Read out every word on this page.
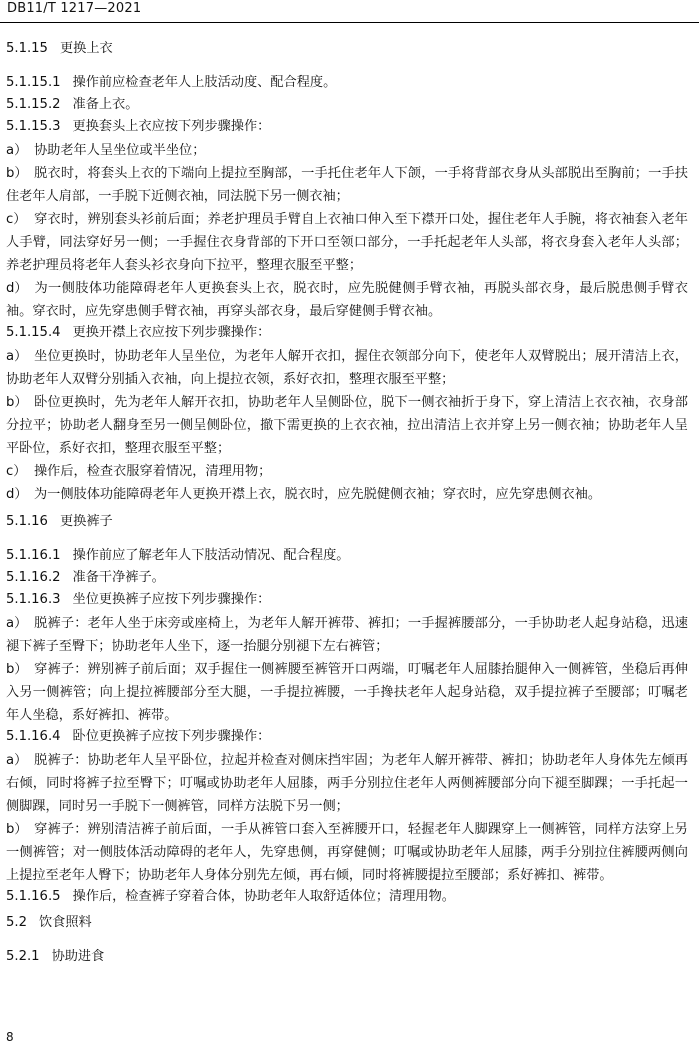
DB11/T 1217—2021

5.1.15 更换上衣

5.1.15.1 操作前应检查老年人上肢活动度、配合程度。

5.1.15.2 准备上衣。

5.1.15.3 更换套头上衣应按下列步骤操作：

a） 协助老年人呈坐位或半坐位；

b） 脱衣时，将套头上衣的下端向上提拉至胸部，一手托住老年人下颌，一手将背部衣身从头部脱出至胸前；一手扶住老年人肩部，一手脱下近侧衣袖，同法脱下另一侧衣袖；

c） 穿衣时，辨别套头衫前后面；养老护理员手臂自上衣袖口伸入至下襟开口处，握住老年人手腕，将衣袖套入老年人手臂，同法穿好另一侧；一手握住衣身背部的下开口至领口部分，一手托起老年人头部，将衣身套入老年人头部；养老护理员将老年人套头衫衣身向下拉平，整理衣服至平整；

d） 为一侧肢体功能障碍老年人更换套头上衣，脱衣时，应先脱健侧手臂衣袖，再脱头部衣身，最后脱患侧手臂衣袖。穿衣时，应先穿患侧手臂衣袖，再穿头部衣身，最后穿健侧手臂衣袖。

5.1.15.4 更换开襟上衣应按下列步骤操作：

a） 坐位更换时，协助老年人呈坐位，为老年人解开衣扣，握住衣领部分向下，使老年人双臂脱出；展开清洁上衣，协助老年人双臂分别插入衣袖，向上提拉衣领，系好衣扣，整理衣服至平整；

b） 卧位更换时，先为老年人解开衣扣，协助老年人呈侧卧位，脱下一侧衣袖折于身下，穿上清洁上衣衣袖，衣身部分拉平；协助老人翻身至另一侧呈侧卧位，撤下需更换的上衣衣袖，拉出清洁上衣并穿上另一侧衣袖；协助老年人呈平卧位，系好衣扣，整理衣服至平整；

c） 操作后，检查衣服穿着情况，清理用物；

d） 为一侧肢体功能障碍老年人更换开襟上衣，脱衣时，应先脱健侧衣袖；穿衣时，应先穿患侧衣袖。

5.1.16 更换裤子

5.1.16.1 操作前应了解老年人下肢活动情况、配合程度。

5.1.16.2 准备干净裤子。

5.1.16.3 坐位更换裤子应按下列步骤操作：

a） 脱裤子：老年人坐于床旁或座椅上，为老年人解开裤带、裤扣；一手握裤腰部分，一手协助老人起身站稳，迅速褪下裤子至臀下；协助老年人坐下，逐一抬腿分别褪下左右裤管；

b） 穿裤子：辨别裤子前后面；双手握住一侧裤腰至裤管开口两端，叮嘱老年人屈膝抬腿伸入一侧裤管，坐稳后再伸入另一侧裤管；向上提拉裤腰部分至大腿，一手提拉裤腰，一手搀扶老年人起身站稳，双手提拉裤子至腰部；叮嘱老年人坐稳，系好裤扣、裤带。

5.1.16.4 卧位更换裤子应按下列步骤操作：

a） 脱裤子：协助老年人呈平卧位，拉起并检查对侧床挡牢固；为老年人解开裤带、裤扣；协助老年人身体先左倾再右倾，同时将裤子拉至臀下；叮嘱或协助老年人屈膝，两手分别拉住老年人两侧裤腰部分向下褪至脚踝；一手托起一侧脚踝，同时另一手脱下一侧裤管，同样方法脱下另一侧；

b） 穿裤子：辨别清洁裤子前后面，一手从裤管口套入至裤腰开口，轻握老年人脚踝穿上一侧裤管，同样方法穿上另一侧裤管；对一侧肢体活动障碍的老年人，先穿患侧，再穿健侧；叮嘱或协助老年人屈膝，两手分别拉住裤腰两侧向上提拉至老年人臀下；协助老年人身体分别先左倾，再右倾，同时将裤腰提拉至腰部；系好裤扣、裤带。

5.1.16.5 操作后，检查裤子穿着合体，协助老年人取舒适体位；清理用物。

5.2 饮食照料

5.2.1 协助进食

8
